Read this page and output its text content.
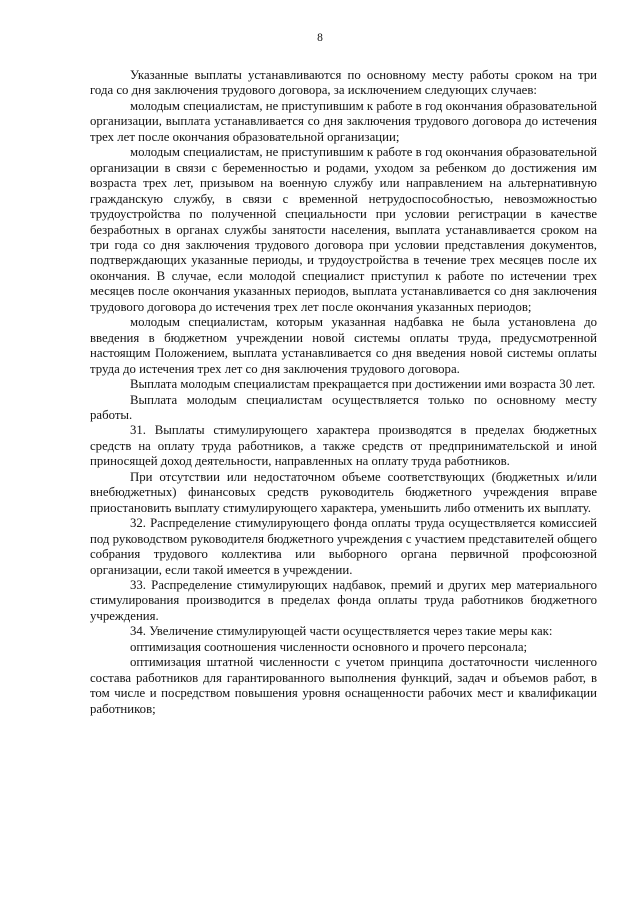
8

Указанные выплаты устанавливаются по основному месту работы сроком на три года со дня заключения трудового договора, за исключением следующих случаев:

молодым специалистам, не приступившим к работе в год окончания образовательной организации, выплата устанавливается со дня заключения трудового договора до истечения трех лет после окончания образовательной организации;

молодым специалистам, не приступившим к работе в год окончания образовательной организации в связи с беременностью и родами, уходом за ребенком до достижения им возраста трех лет, призывом на военную службу или направлением на альтернативную гражданскую службу, в связи с временной нетрудоспособностью, невозможностью трудоустройства по полученной специальности при условии регистрации в качестве безработных в органах службы занятости населения, выплата устанавливается сроком на три года со дня заключения трудового договора при условии представления документов, подтверждающих указанные периоды, и трудоустройства в течение трех месяцев после их окончания. В случае, если молодой специалист приступил к работе по истечении трех месяцев после окончания указанных периодов, выплата устанавливается со дня заключения трудового договора до истечения трех лет после окончания указанных периодов;

молодым специалистам, которым указанная надбавка не была установлена до введения в бюджетном учреждении новой системы оплаты труда, предусмотренной настоящим Положением, выплата устанавливается со дня введения новой системы оплаты труда до истечения трех лет со дня заключения трудового договора.

Выплата молодым специалистам прекращается при достижении ими возраста 30 лет.

Выплата молодым специалистам осуществляется только по основному месту работы.

31. Выплаты стимулирующего характера производятся в пределах бюджетных средств на оплату труда работников, а также средств от предпринимательской и иной приносящей доход деятельности, направленных на оплату труда работников.

При отсутствии или недостаточном объеме соответствующих (бюджетных и/или внебюджетных) финансовых средств руководитель бюджетного учреждения вправе приостановить выплату стимулирующего характера, уменьшить либо отменить их выплату.

32. Распределение стимулирующего фонда оплаты труда осуществляется комиссией под руководством руководителя бюджетного учреждения с участием представителей общего собрания трудового коллектива или выборного органа первичной профсоюзной организации, если такой имеется в учреждении.

33. Распределение стимулирующих надбавок, премий и других мер материального стимулирования производится в пределах фонда оплаты труда работников бюджетного учреждения.

34. Увеличение стимулирующей части осуществляется через такие меры как:

оптимизация соотношения численности основного и прочего персонала;

оптимизация штатной численности с учетом принципа достаточности численного состава работников для гарантированного выполнения функций, задач и объемов работ, в том числе и посредством повышения уровня оснащенности рабочих мест и квалификации работников;
